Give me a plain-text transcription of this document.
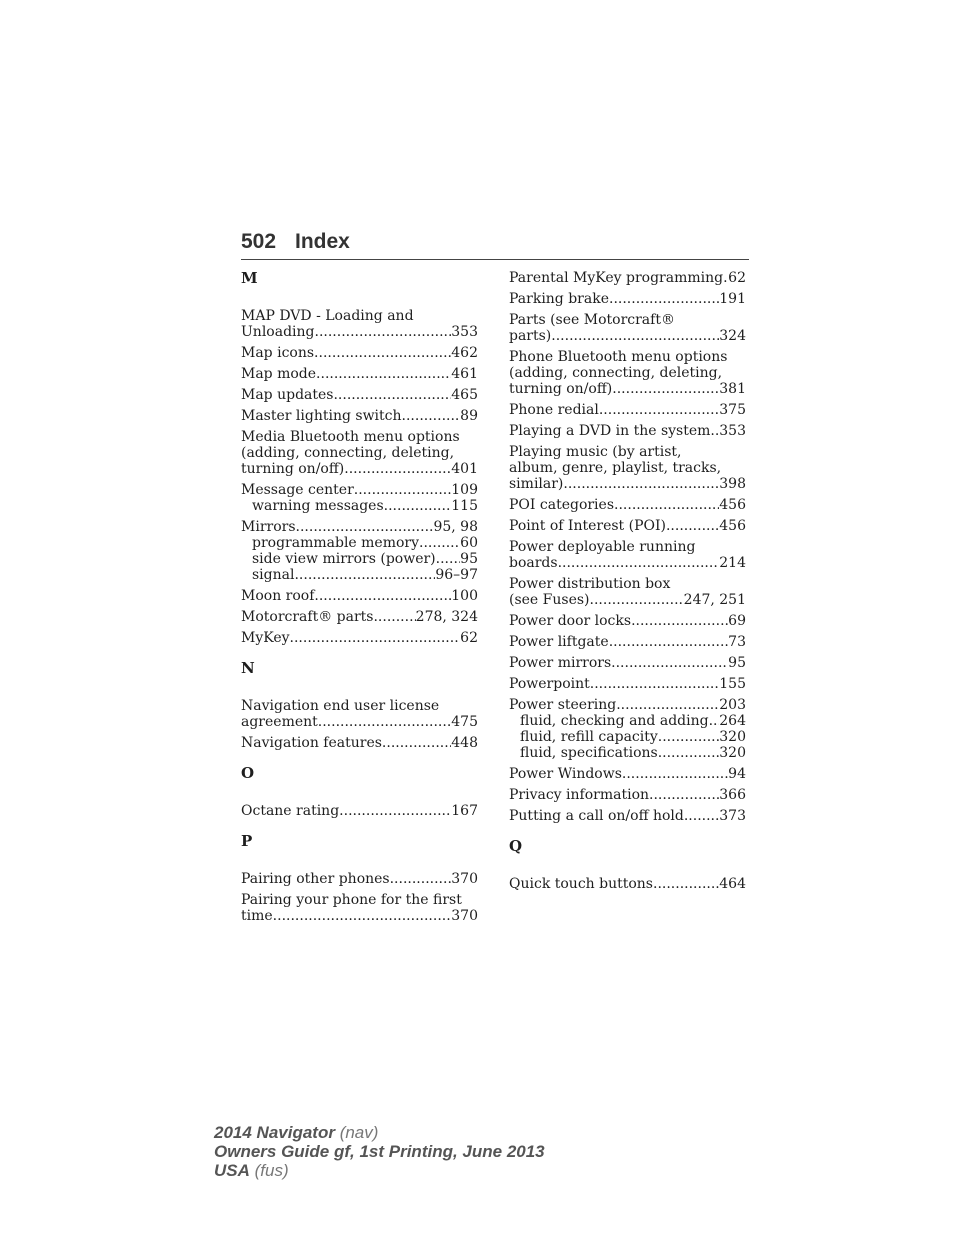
502 Index
M
MAP DVD - Loading and
Unloading .....	353
Map icons .....	462
Map mode .....	461
Map updates .....	465
Master lighting switch .....	89
Media Bluetooth menu options
(adding, connecting, deleting,
turning on/off) .....	401
Message center .....	109
warning messages .....	115
Mirrors .....	95, 98
programmable memory .....	60
side view mirrors (power) ..... 95
signal .....	96–97
Moon roof .....	100
Motorcraft® parts .....	278, 324
MyKey .....	62
N
Navigation end user license
agreement .....	475
Navigation features .....	448
O
Octane rating .....	167
P
Pairing other phones .....	370
Pairing your phone for the first
time .....	370
Parental MyKey programming ..... 62
Parking brake .....	191
Parts (see Motorcraft®
parts) .....	324
Phone Bluetooth menu options
(adding, connecting, deleting,
turning on/off) .....	381
Phone redial .....	375
Playing a DVD in the system ..... 353
Playing music (by artist,
album, genre, playlist, tracks,
similar) .....	398
POI categories .....	456
Point of Interest (POI) .....	456
Power deployable running
boards .....	214
Power distribution box
(see Fuses) .....	247, 251
Power door locks .....	69
Power liftgate .....	73
Power mirrors .....	95
Powerpoint .....	155
Power steering .....	203
fluid, checking and adding ..... 264
fluid, refill capacity .....	320
fluid, specifications .....	320
Power Windows .....	94
Privacy information .....	366
Putting a call on/off hold .....	373
Q
Quick touch buttons .....	464
2014 Navigator (nav)
Owners Guide gf, 1st Printing, June 2013
USA (fus)
